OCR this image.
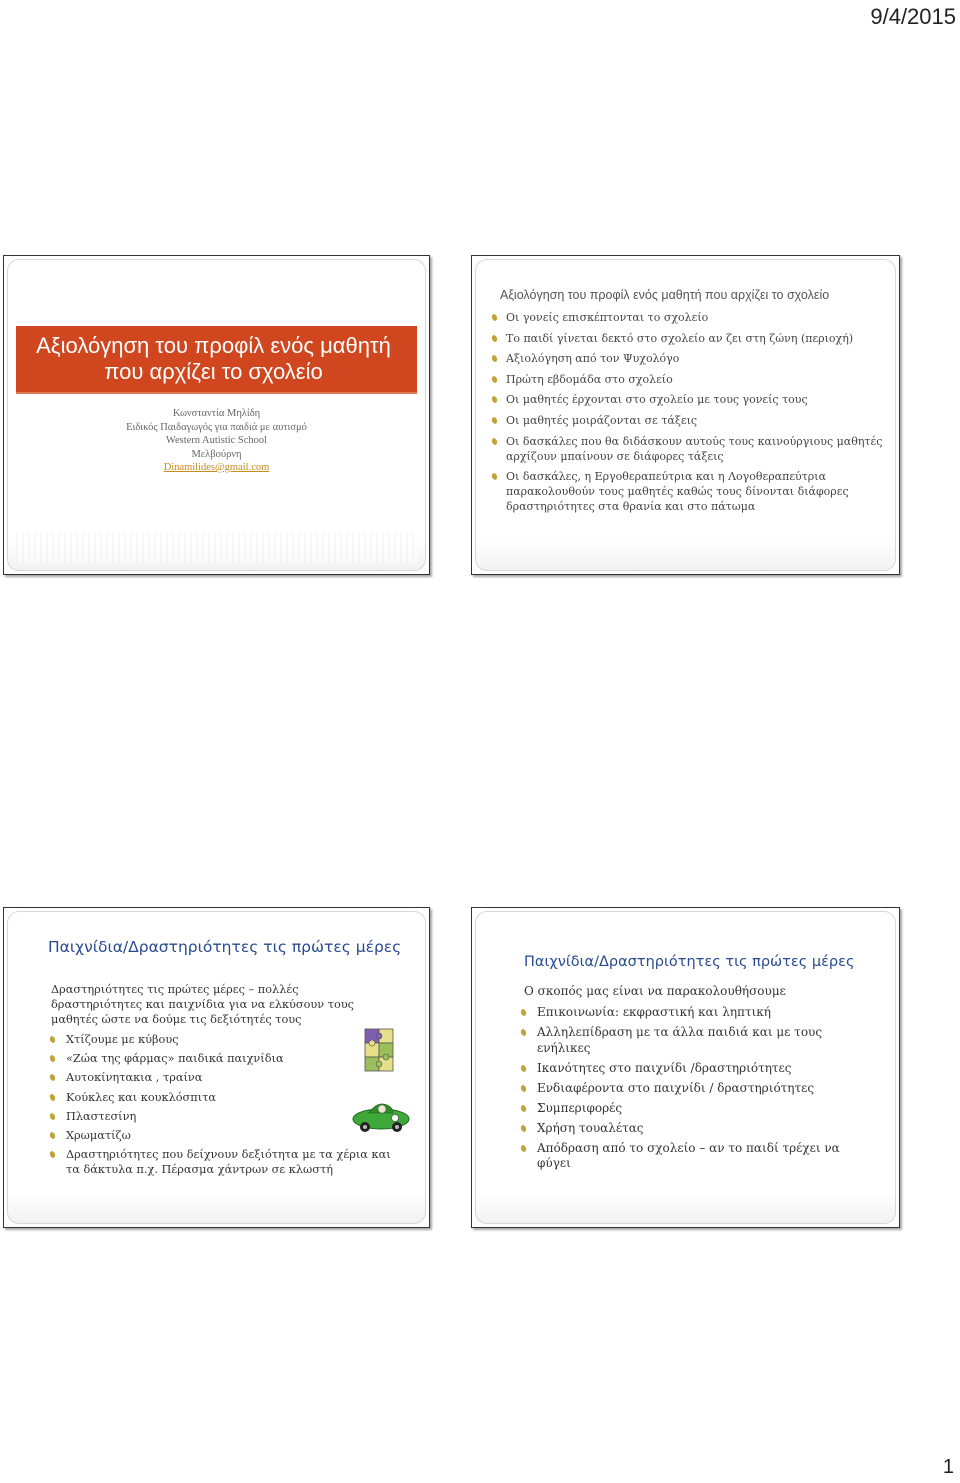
9/4/2015
Αξιολόγηση του προφίλ ενός μαθητή
που αρχίζει το σχολείο
Κωνσταντία Μηλίδη
Ειδικός Παιδαγωγός για παιδιά με αυτισμό
Western Autistic School
Μελβούρνη
Dinamilides@gmail.com
Αξιολόγηση του προφίλ ενός μαθητή που αρχίζει το σχολείο
Οι γονείς επισκέπτονται το σχολείο
Το παιδί γίνεται δεκτό στο σχολείο αν ζει στη ζώνη (περιοχή)
Αξιολόγηση από τον Ψυχολόγο
Πρώτη εβδομάδα στο σχολείο
Οι μαθητές έρχονται στο σχολείο με τους γονείς τους
Οι μαθητές μοιράζονται σε τάξεις
Οι δασκάλες που θα διδάσκουν αυτούς τους καινούργιους μαθητές αρχίζουν μπαίνουν σε διάφορες τάξεις
Οι δασκάλες, η Εργοθεραπεύτρια και η Λογοθεραπεύτρια παρακολουθούν τους μαθητές καθώς τους δίνονται διάφορες δραστηριότητες στα θρανία και στο πάτωμα
Παιχνίδια/Δραστηριότητες τις πρώτες μέρες
Δραστηριότητες τις πρώτες μέρες – πολλές δραστηριότητες και παιχνίδια για να ελκύσουν τους μαθητές ώστε να δούμε τις δεξιότητές τους
Χτίζουμε με κύβους
«Ζώα της φάρμας» παιδικά παιχνίδια
Αυτοκίνητακια , τραίνα
Κούκλες και κουκλόσπιτα
Πλαστεσίνη
Χρωματίζω
Δραστηριότητες που δείχνουν δεξιότητα με τα χέρια και τα δάκτυλα π.χ. Πέρασμα χάντρων σε κλωστή
Παιχνίδια/Δραστηριότητες τις πρώτες μέρες
Ο σκοπός μας είναι να παρακολουθήσουμε
Επικοινωνία: εκφραστική και ληπτική
Αλληλεπίδραση με τα άλλα παιδιά και με τους ενήλικες
Ικανότητες στο παιχνίδι /δραστηριότητες
Ενδιαφέροντα στο παιχνίδι / δραστηριότητες
Συμπεριφορές
Χρήση τουαλέτας
Απόδραση από το σχολείο – αν το παιδί τρέχει να φύγει
1
